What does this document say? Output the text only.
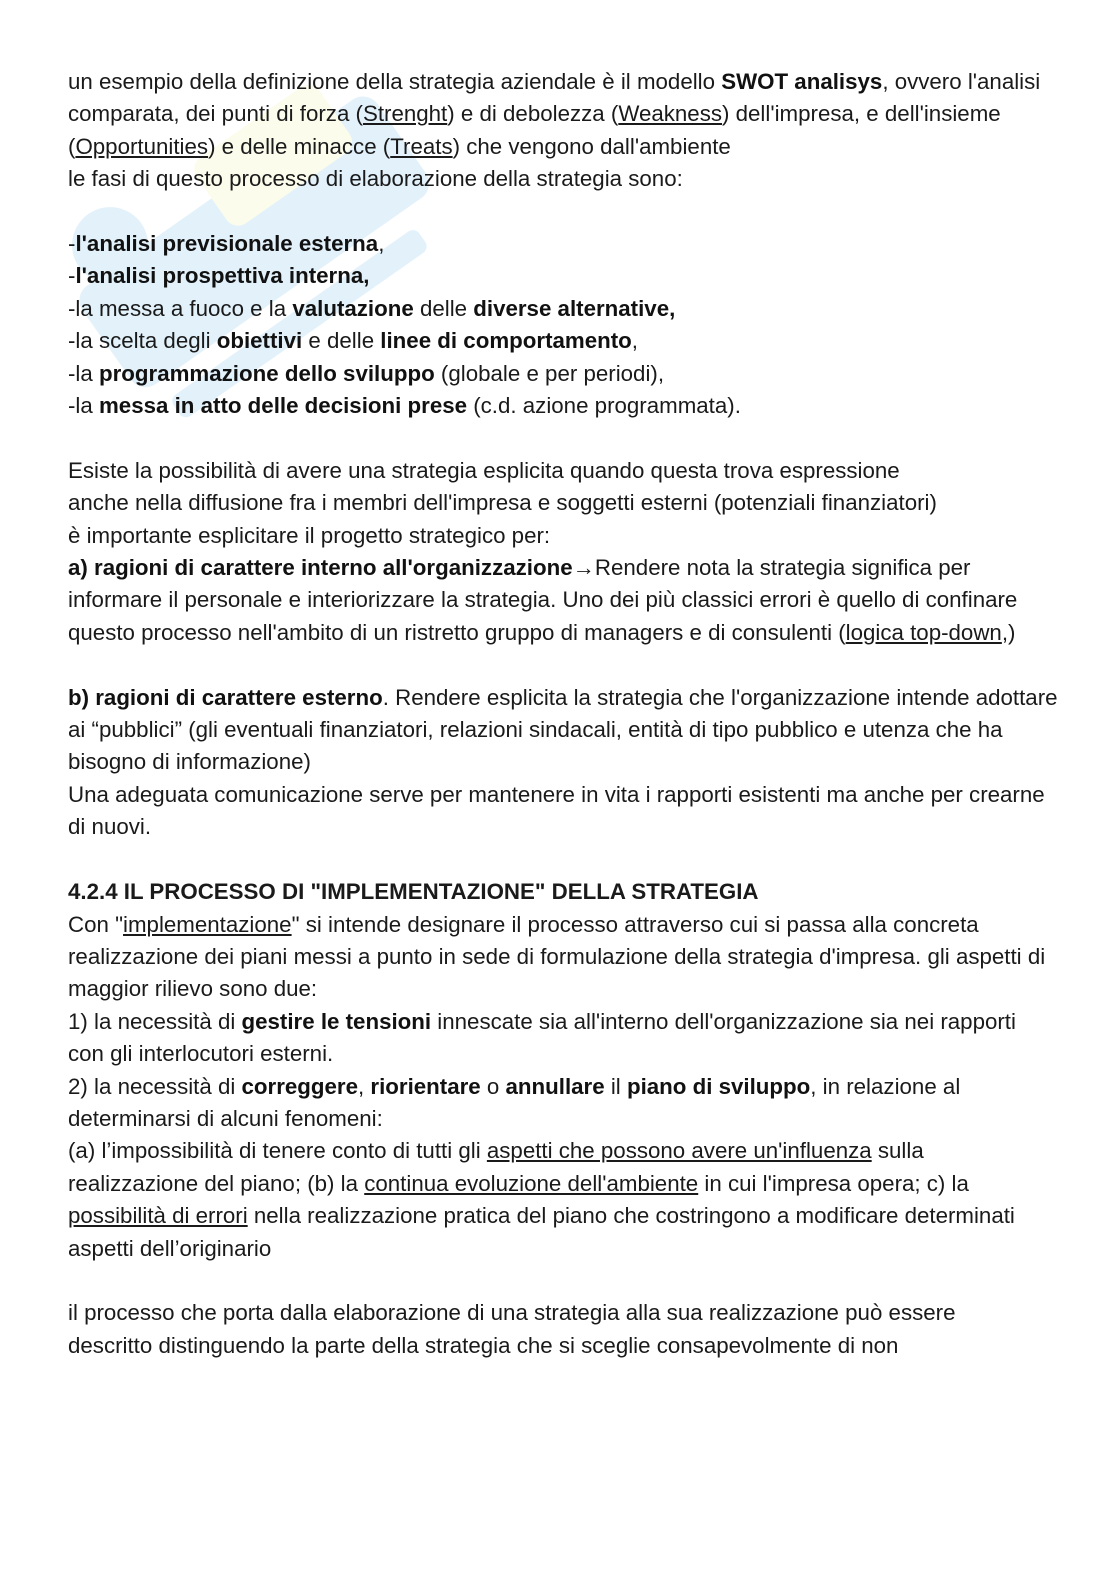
un esempio della definizione della strategia aziendale è il modello SWOT analisys, ovvero l'analisi comparata, dei punti di forza (Strenght) e di debolezza (Weakness) dell'impresa, e dell'insieme (Opportunities) e delle minacce (Treats) che vengono dall'ambiente

le fasi di questo processo di elaborazione della strategia sono:

-l'analisi previsionale esterna,

-l'analisi prospettiva interna,

-la messa a fuoco e la valutazione delle diverse alternative,

-la scelta degli obiettivi e delle linee di comportamento,

-la programmazione dello sviluppo (globale e per periodi),

-la messa in atto delle decisioni prese (c.d. azione programmata).

Esiste la possibilità di avere una strategia esplicita quando questa trova espressione

anche nella diffusione fra i membri dell'impresa e soggetti esterni (potenziali finanziatori)

è importante esplicitare il progetto strategico per:

a) ragioni di carattere interno all'organizzazione→Rendere nota la strategia significa per informare il personale e interiorizzare la strategia. Uno dei più classici errori è quello di confinare questo processo nell'ambito di un ristretto gruppo di managers e di consulenti (logica top-down,)

b) ragioni di carattere esterno. Rendere esplicita la strategia che l'organizzazione intende adottare ai “pubblici” (gli eventuali finanziatori, relazioni sindacali, entità di tipo pubblico e utenza che ha bisogno di informazione)

Una adeguata comunicazione serve per mantenere in vita i rapporti esistenti ma anche per crearne di nuovi.

4.2.4 IL PROCESSO DI "IMPLEMENTAZIONE" DELLA STRATEGIA

Con "implementazione" si intende designare il processo attraverso cui si passa alla concreta realizzazione dei piani messi a punto in sede di formulazione della strategia d'impresa. gli aspetti di maggior rilievo sono due:

1) la necessità di gestire le tensioni innescate sia all'interno dell'organizzazione sia nei rapporti con gli interlocutori esterni.

2) la necessità di correggere, riorientare o annullare il piano di sviluppo, in relazione al determinarsi di alcuni fenomeni:

(a) l’impossibilità di tenere conto di tutti gli aspetti che possono avere un'influenza sulla realizzazione del piano; (b) la continua evoluzione dell'ambiente in cui l'impresa opera; c) la possibilità di errori nella realizzazione pratica del piano che costringono a modificare determinati aspetti dell’originario

il processo che porta dalla elaborazione di una strategia alla sua realizzazione può essere

descritto distinguendo la parte della strategia che si sceglie consapevolmente di non
